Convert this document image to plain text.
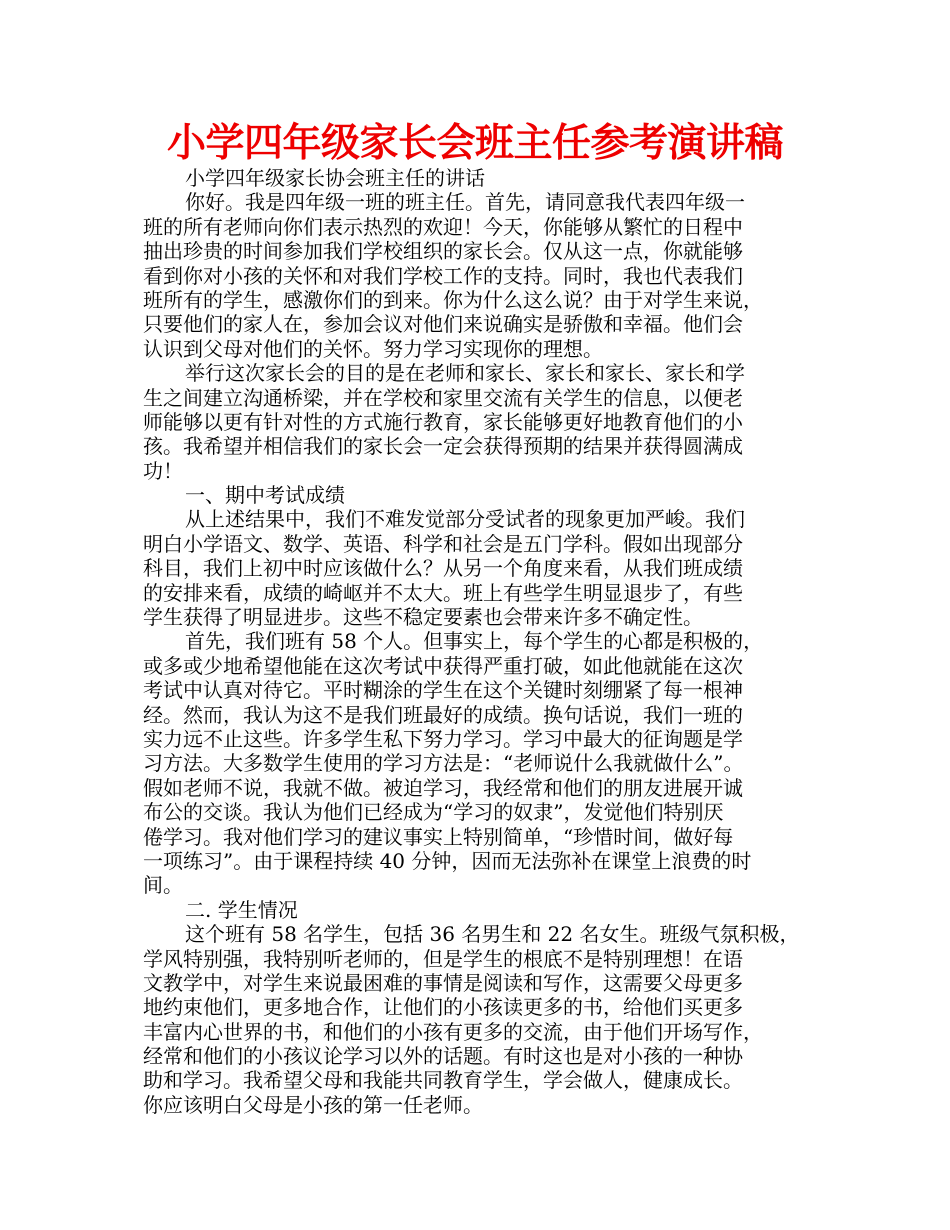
小学四年级家长会班主任参考演讲稿
小学四年级家长协会班主任的讲话
你好。我是四年级一班的班主任。首先，请同意我代表四年级一
班的所有老师向你们表示热烈的欢迎！今天，你能够从繁忙的日程中
抽出珍贵的时间参加我们学校组织的家长会。仅从这一点，你就能够
看到你对小孩的关怀和对我们学校工作的支持。同时，我也代表我们
班所有的学生，感激你们的到来。你为什么这么说？由于对学生来说，
只要他们的家人在，参加会议对他们来说确实是骄傲和幸福。他们会
认识到父母对他们的关怀。努力学习实现你的理想。
举行这次家长会的目的是在老师和家长、家长和家长、家长和学
生之间建立沟通桥梁，并在学校和家里交流有关学生的信息，以便老
师能够以更有针对性的方式施行教育，家长能够更好地教育他们的小
孩。我希望并相信我们的家长会一定会获得预期的结果并获得圆满成
功！
一、期中考试成绩
从上述结果中，我们不难发觉部分受试者的现象更加严峻。我们
明白小学语文、数学、英语、科学和社会是五门学科。假如出现部分
科目，我们上初中时应该做什么？从另一个角度来看，从我们班成绩
的安排来看，成绩的崎岖并不太大。班上有些学生明显退步了，有些
学生获得了明显进步。这些不稳定要素也会带来许多不确定性。
首先，我们班有 58 个人。但事实上，每个学生的心都是积极的，
或多或少地希望他能在这次考试中获得严重打破，如此他就能在这次
考试中认真对待它。平时糊涂的学生在这个关键时刻绷紧了每一根神
经。然而，我认为这不是我们班最好的成绩。换句话说，我们一班的
实力远不止这些。许多学生私下努力学习。学习中最大的征询题是学
习方法。大多数学生使用的学习方法是：“老师说什么我就做什么”。
假如老师不说，我就不做。被迫学习，我经常和他们的朋友进展开诚
布公的交谈。我认为他们已经成为“学习的奴隶”，发觉他们特别厌
倦学习。我对他们学习的建议事实上特别简单，“珍惜时间，做好每
一项练习”。由于课程持续 40 分钟，因而无法弥补在课堂上浪费的时
间。
二. 学生情况
这个班有 58 名学生，包括 36 名男生和 22 名女生。班级气氛积极，
学风特别强，我特别听老师的，但是学生的根底不是特别理想！在语
文教学中，对学生来说最困难的事情是阅读和写作，这需要父母更多
地约束他们，更多地合作，让他们的小孩读更多的书，给他们买更多
丰富内心世界的书，和他们的小孩有更多的交流，由于他们开场写作，
经常和他们的小孩议论学习以外的话题。有时这也是对小孩的一种协
助和学习。我希望父母和我能共同教育学生，学会做人，健康成长。
你应该明白父母是小孩的第一任老师。
